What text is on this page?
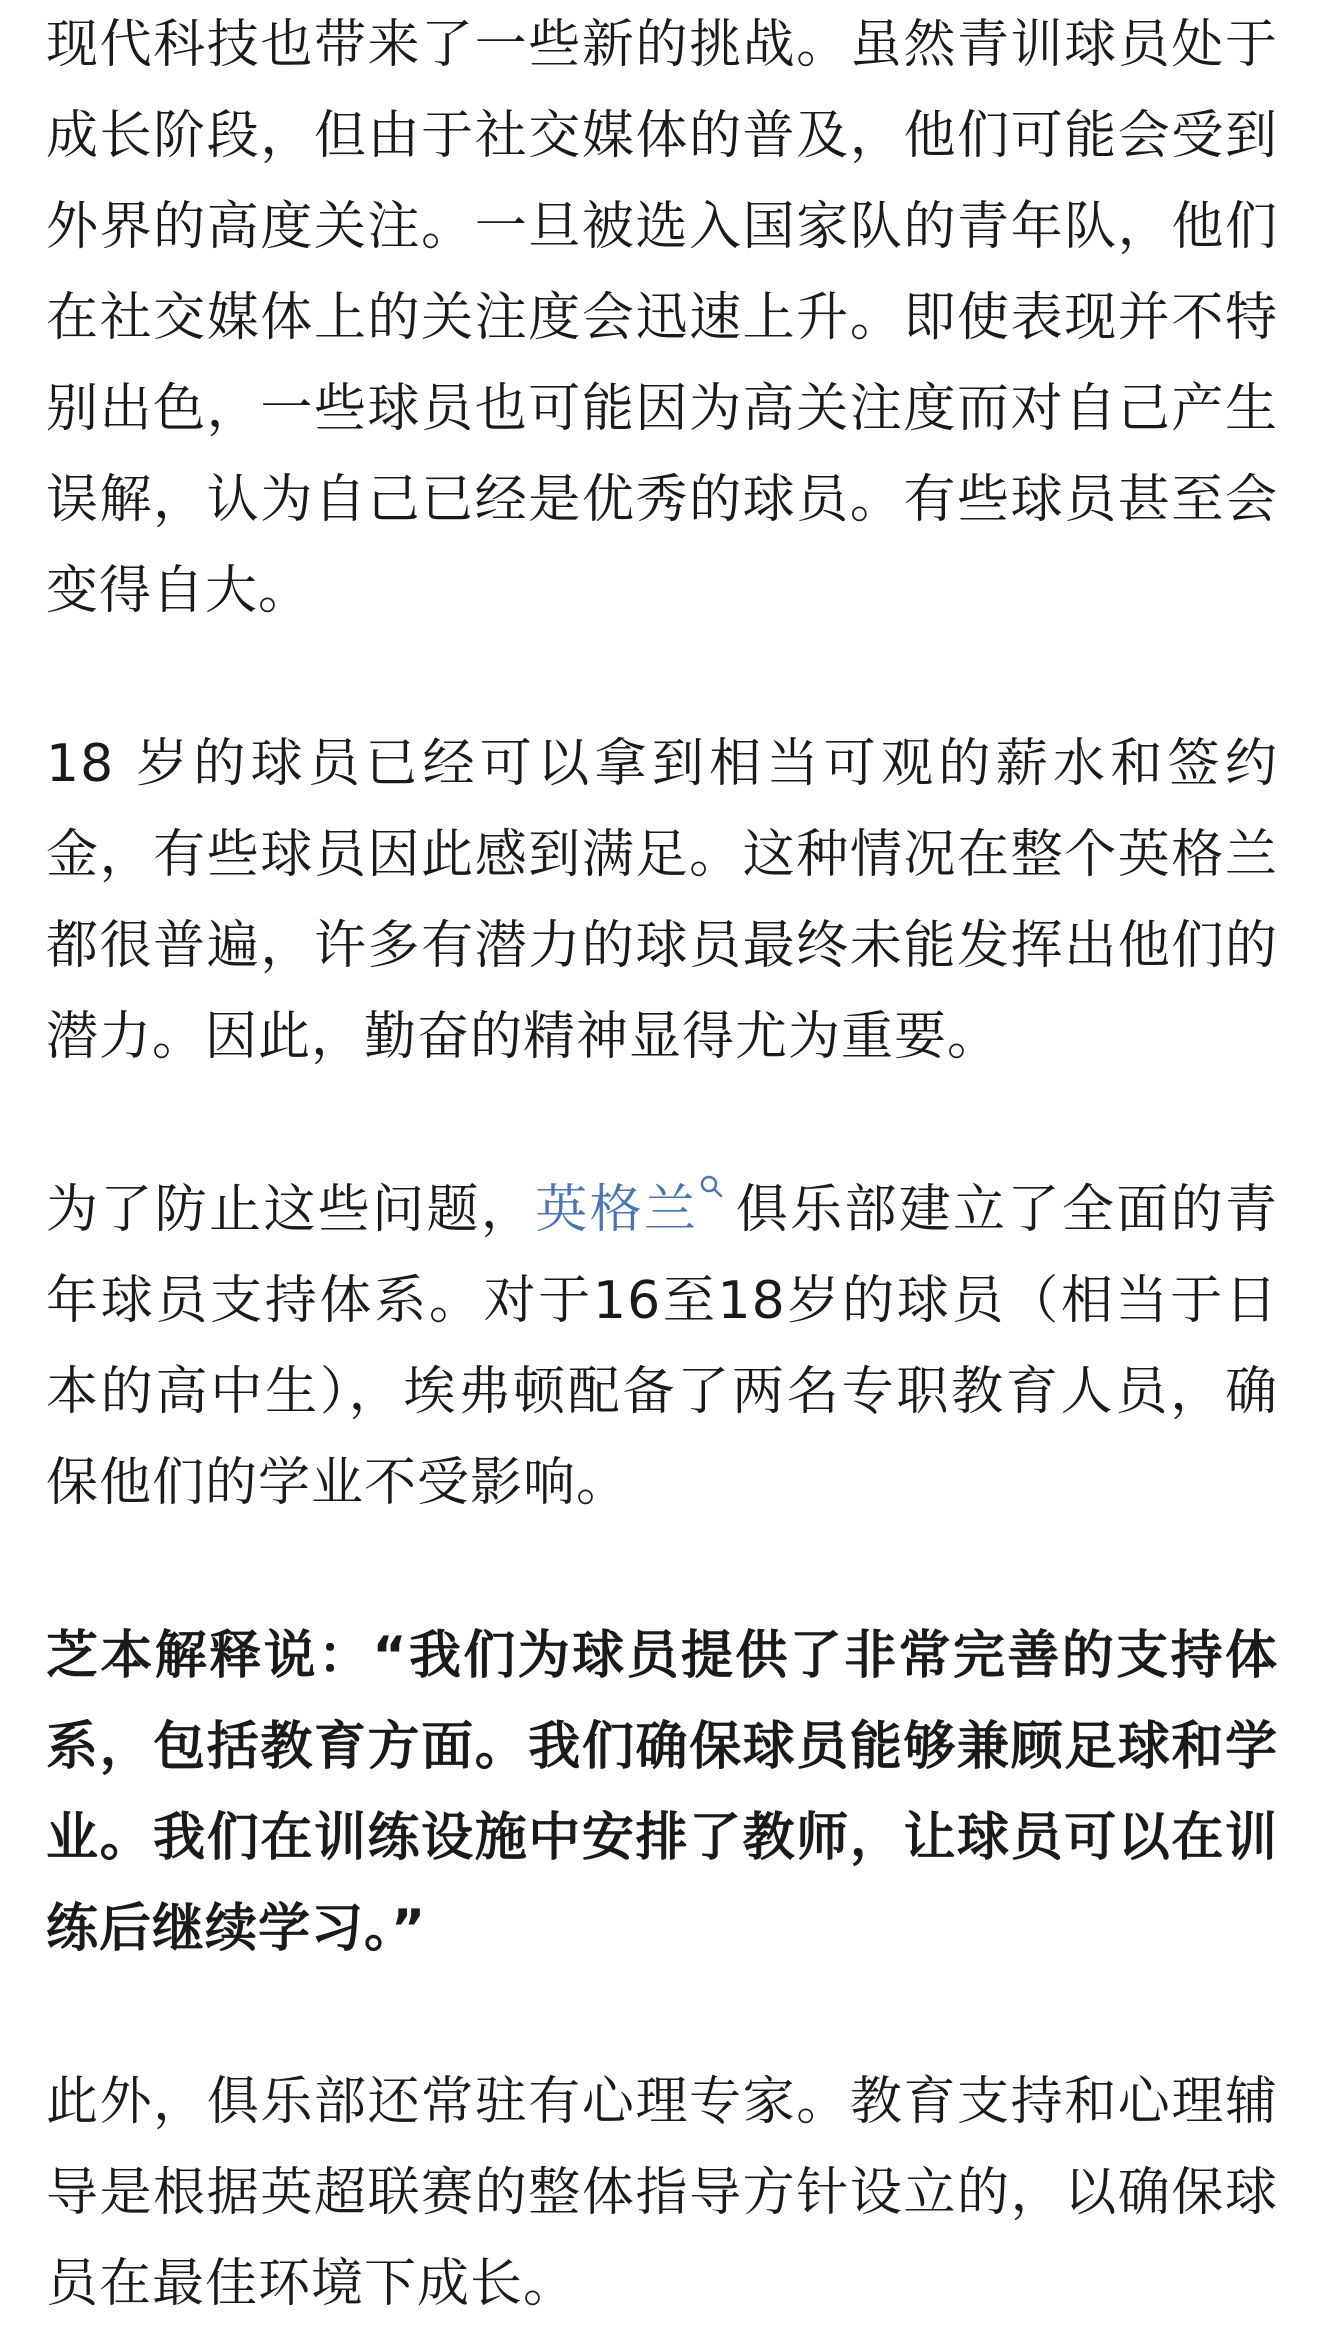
现代科技也带来了一些新的挑战。虽然青训球员处于成长阶段，但由于社交媒体的普及，他们可能会受到外界的高度关注。一旦被选入国家队的青年队，他们在社交媒体上的关注度会迅速上升。即使表现并不特别出色，一些球员也可能因为高关注度而对自己产生误解，认为自己已经是优秀的球员。有些球员甚至会变得自大。

18 岁的球员已经可以拿到相当可观的薪水和签约金，有些球员因此感到满足。这种情况在整个英格兰都很普遍，许多有潜力的球员最终未能发挥出他们的潜力。因此，勤奋的精神显得尤为重要。

为了防止这些问题，英格兰 俱乐部建立了全面的青年球员支持体系。对于16至18岁的球员（相当于日本的高中生），埃弗顿配备了两名专职教育人员，确保他们的学业不受影响。

芝本解释说：“我们为球员提供了非常完善的支持体系，包括教育方面。我们确保球员能够兼顾足球和学业。我们在训练设施中安排了教师，让球员可以在训练后继续学习。”

此外，俱乐部还常驻有心理专家。教育支持和心理辅导是根据英超联赛的整体指导方针设立的，以确保球员在最佳环境下成长。
